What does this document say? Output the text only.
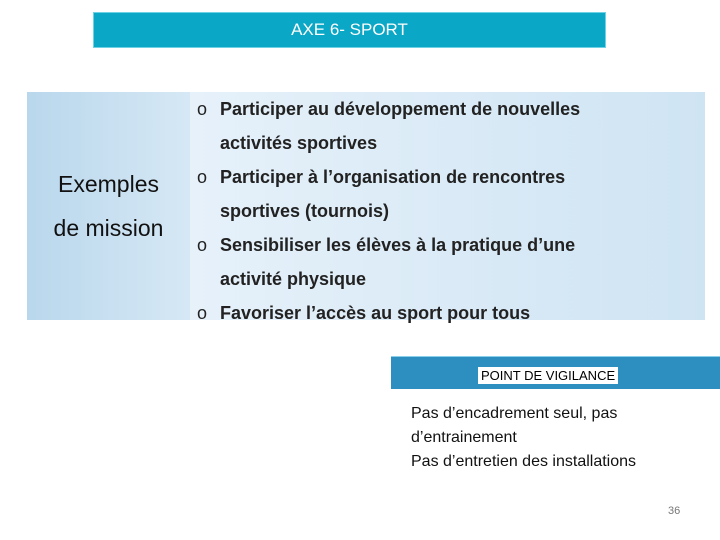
AXE 6- SPORT
Exemples
de mission
o Participer au développement de nouvelles
activités sportives
o Participer à l’organisation de rencontres
sportives (tournois)
o Sensibiliser les élèves à la pratique d’une
activité physique
o Favoriser l’accès au sport pour tous
POINT DE VIGILANCE
Pas d’encadrement seul, pas
d’entrainement
Pas d’entretien des installations
36
